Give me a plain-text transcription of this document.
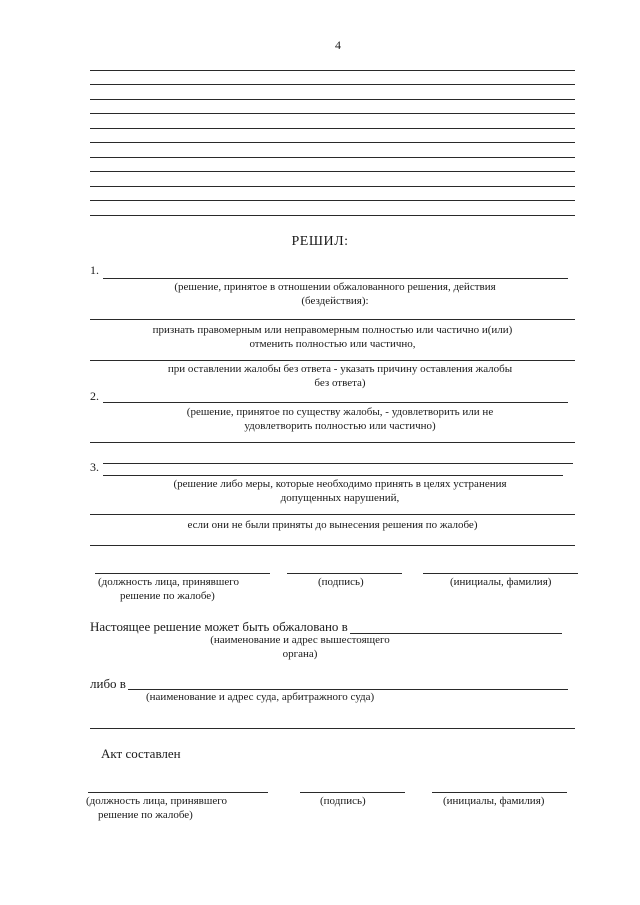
4
РЕШИЛ:
1.
(решение, принятое в отношении обжалованного решения, действия
(бездействия):
признать правомерным или неправомерным полностью или частично и(или)
отменить полностью или частично,
при оставлении жалобы без ответа - указать причину оставления жалобы
без ответа)
2.
(решение, принятое по существу жалобы, - удовлетворить или не
удовлетворить полностью или частично)
3.
(решение либо меры, которые необходимо принять в целях устранения
допущенных нарушений,
если они не были приняты до вынесения решения по жалобе)
(должность лица, принявшего
решение по жалобе)
(подпись)	(инициалы, фамилия)
Настоящее решение может быть обжаловано в
(наименование и адрес вышестоящего
органа)
либо в
(наименование и адрес суда, арбитражного суда)
Акт составлен
(должность лица, принявшего
решение по жалобе)
(подпись)	(инициалы, фамилия)
